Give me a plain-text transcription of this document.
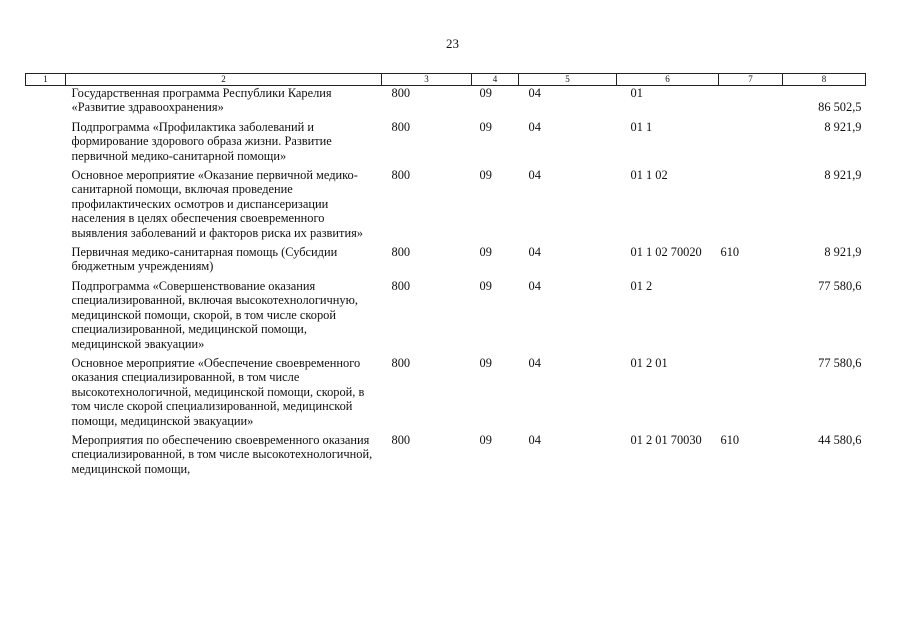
23
1	2	3	4	5	6	7	8
Государственная программа Республики Карелия «Развитие здравоохранения»		800	09	04	01		86 502,5
Подпрограмма «Профилактика заболеваний и формирование здорового образа жизни. Развитие первичной медико-санитарной помощи»		800	09	04	01 1		8 921,9
Основное мероприятие «Оказание первичной медико-санитарной помощи, включая проведение профилактических осмотров и диспансеризации населения в целях обеспечения своевременного выявления заболеваний и факторов риска их развития»		800	09	04	01 1 02		8 921,9
Первичная медико-санитарная помощь (Субсидии бюджетным учреждениям)		800	09	04	01 1 02 70020	610	8 921,9
Подпрограмма «Совершенствование оказания специализированной, включая высокотехнологичную, медицинской помощи, скорой, в том числе скорой специализированной, медицинской помощи, медицинской эвакуации»		800	09	04	01 2		77 580,6
Основное мероприятие «Обеспечение своевременного оказания специализированной, в том числе высокотехнологичной, медицинской помощи, скорой, в том числе скорой специализированной, медицинской помощи, медицинской эвакуации»		800	09	04	01 2 01		77 580,6
Мероприятия по обеспечению своевременного оказания специализированной, в том числе высокотехнологичной, медицинской помощи,		800	09	04	01 2 01 70030	610	44 580,6
